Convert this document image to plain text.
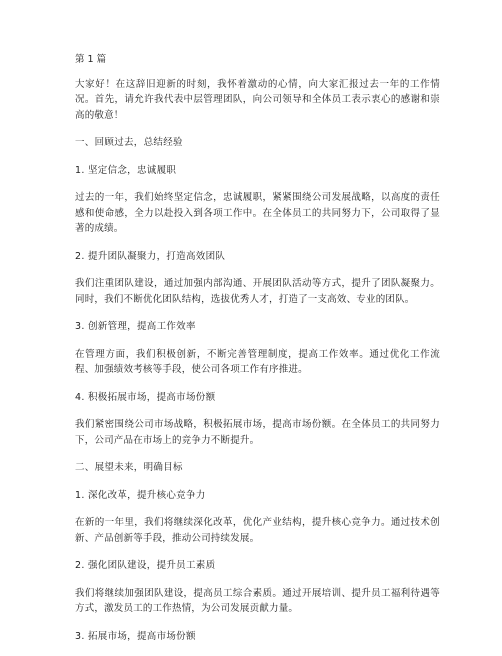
第 1 篇
大家好！在这辞旧迎新的时刻，我怀着激动的心情，向大家汇报过去一年的工作情况。首先，请允许我代表中层管理团队，向公司领导和全体员工表示衷心的感谢和崇高的敬意！
一、回顾过去，总结经验
1. 坚定信念，忠诚履职
过去的一年，我们始终坚定信念，忠诚履职，紧紧围绕公司发展战略，以高度的责任感和使命感，全力以赴投入到各项工作中。在全体员工的共同努力下，公司取得了显著的成绩。
2. 提升团队凝聚力，打造高效团队
我们注重团队建设，通过加强内部沟通、开展团队活动等方式，提升了团队凝聚力。同时，我们不断优化团队结构，选拔优秀人才，打造了一支高效、专业的团队。
3. 创新管理，提高工作效率
在管理方面，我们积极创新，不断完善管理制度，提高工作效率。通过优化工作流程、加强绩效考核等手段，使公司各项工作有序推进。
4. 积极拓展市场，提高市场份额
我们紧密围绕公司市场战略，积极拓展市场，提高市场份额。在全体员工的共同努力下，公司产品在市场上的竞争力不断提升。
二、展望未来，明确目标
1. 深化改革，提升核心竞争力
在新的一年里，我们将继续深化改革，优化产业结构，提升核心竞争力。通过技术创新、产品创新等手段，推动公司持续发展。
2. 强化团队建设，提升员工素质
我们将继续加强团队建设，提高员工综合素质。通过开展培训、提升员工福利待遇等方式，激发员工的工作热情，为公司发展贡献力量。
3. 拓展市场，提高市场份额
